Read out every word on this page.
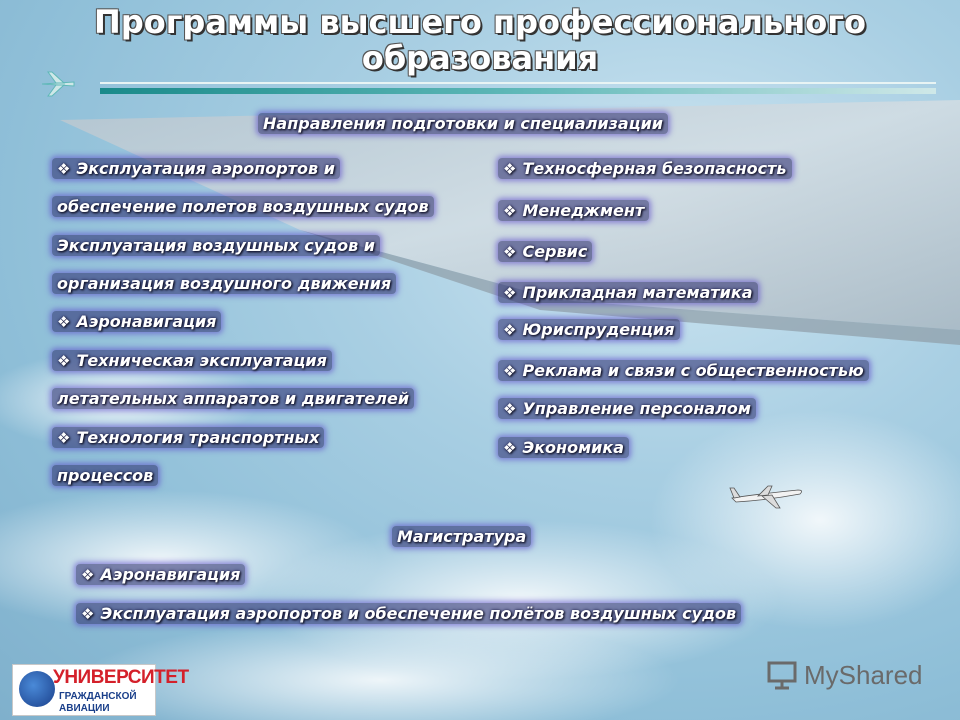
Программы высшего профессионального
образования
Направления подготовки и специализации
❖ Эксплуатация аэропортов и
обеспечение полетов воздушных судов
Эксплуатация воздушных судов и
организация воздушного движения
❖ Аэронавигация
❖ Техническая эксплуатация
летательных аппаратов и двигателей
❖ Технология транспортных
процессов
❖ Техносферная безопасность
❖ Менеджмент
❖ Сервис
❖ Прикладная математика
❖ Юриспруденция
❖ Реклама и связи с общественностью
❖ Управление персоналом
❖ Экономика
Магистратура
❖ Аэронавигация
❖ Эксплуатация аэропортов и обеспечение полётов воздушных судов
УНИВЕРСИТЕТ
ГРАЖДАНСКОЙ АВИАЦИИ
MyShared
